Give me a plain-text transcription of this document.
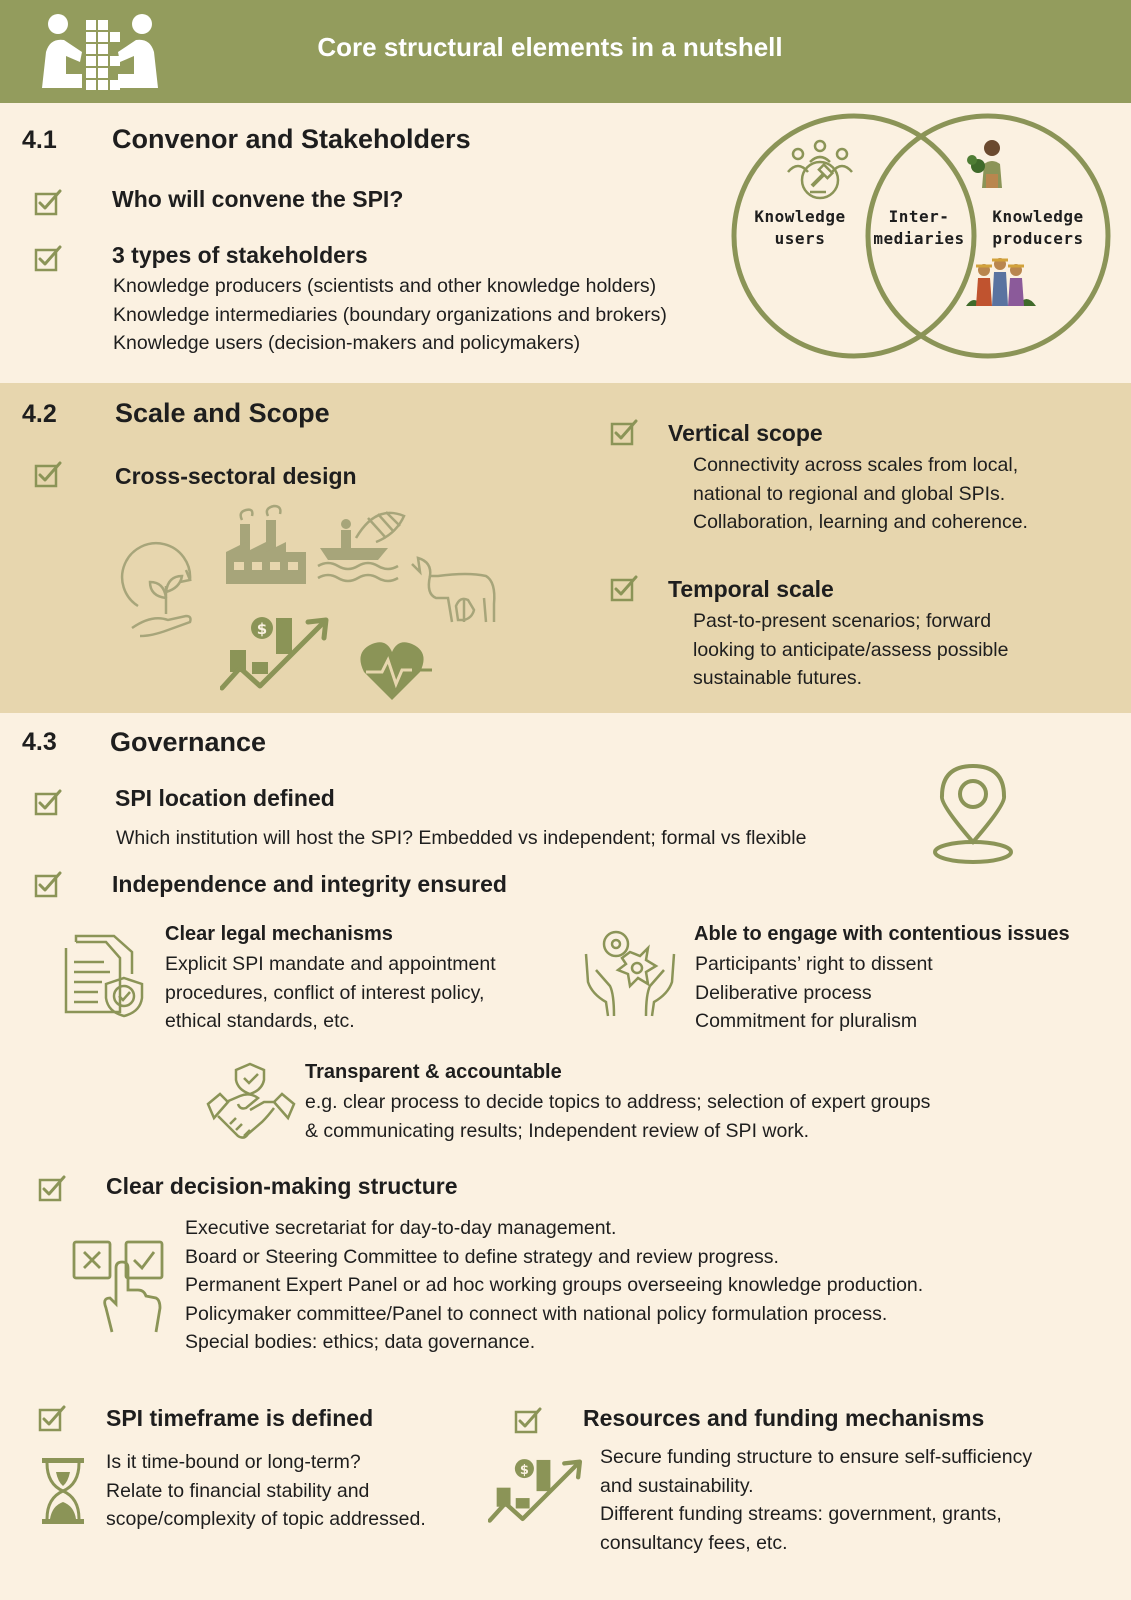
Core structural elements in a nutshell
4.1 Convenor and Stakeholders
Who will convene the SPI?
3 types of stakeholders
Knowledge producers (scientists and other knowledge holders)
Knowledge intermediaries (boundary organizations and brokers)
Knowledge users (decision-makers and policymakers)
Knowledge
users
Inter-
mediaries
Knowledge
producers
4.2 Scale and Scope
Cross-sectoral design
Vertical scope
Connectivity across scales from local,
national to regional and global SPIs.
Collaboration, learning and coherence.
Temporal scale
Past-to-present scenarios; forward
looking to anticipate/assess possible
sustainable futures.
4.3 Governance
SPI location defined
Which institution will host the SPI? Embedded vs independent; formal vs flexible
Independence and integrity ensured
Clear legal mechanisms
Explicit SPI mandate and appointment
procedures, conflict of interest policy,
ethical standards, etc.
Able to engage with contentious issues
Participants’ right to dissent
Deliberative process
Commitment for pluralism
Transparent & accountable
e.g. clear process to decide topics to address; selection of expert groups
& communicating results; Independent review of SPI work.
Clear decision-making structure
Executive secretariat for day-to-day management.
Board or Steering Committee to define strategy and review progress.
Permanent Expert Panel or ad hoc working groups overseeing knowledge production.
Policymaker committee/Panel to connect with national policy formulation process.
Special bodies: ethics; data governance.
SPI timeframe is defined
Is it time-bound or long-term?
Relate to financial stability and
scope/complexity of topic addressed.
Resources and funding mechanisms
Secure funding structure to ensure self-sufficiency
and sustainability.
Different funding streams: government, grants,
consultancy fees, etc.
